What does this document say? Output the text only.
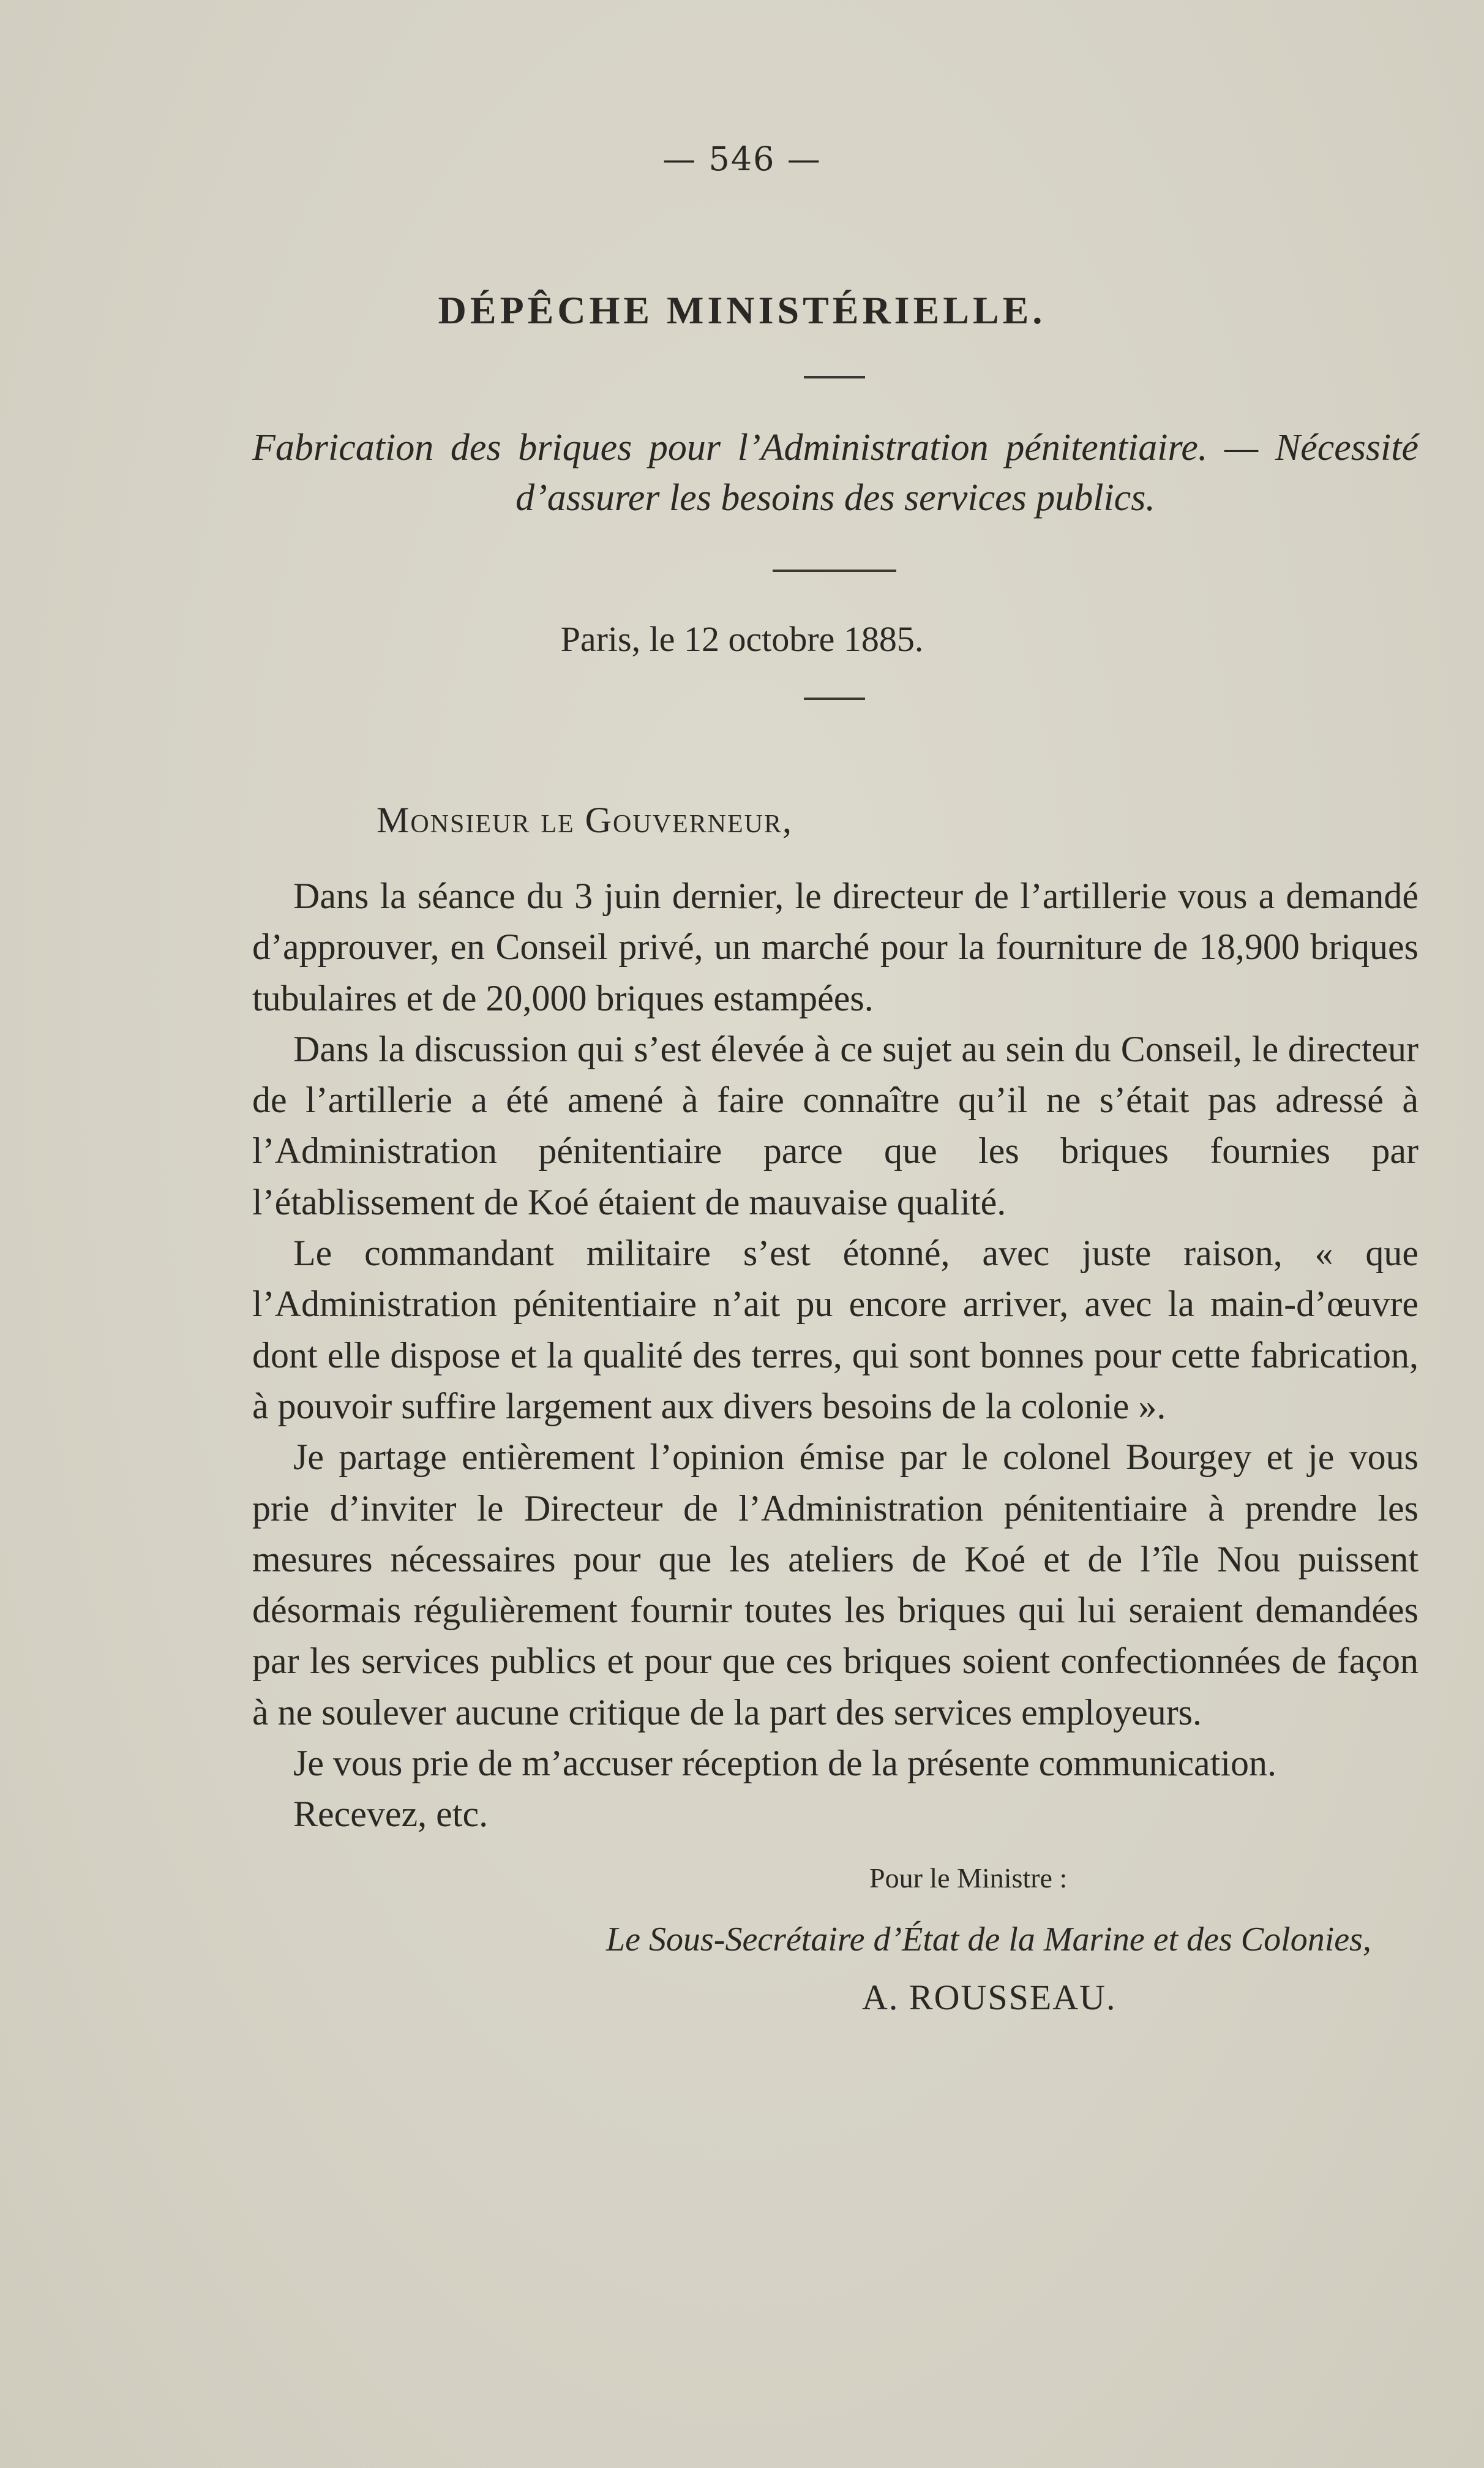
— 546 —
DÉPÊCHE MINISTÉRIELLE.
Fabrication des briques pour l’Administration pénitentiaire. — Nécessité d’assurer les besoins des services publics.
Paris, le 12 octobre 1885.
Monsieur le Gouverneur,

Dans la séance du 3 juin dernier, le directeur de l’artillerie vous a demandé d’approuver, en Conseil privé, un marché pour la fourniture de 18,900 briques tubulaires et de 20,000 briques estampées.

Dans la discussion qui s’est élevée à ce sujet au sein du Conseil, le directeur de l’artillerie a été amené à faire connaître qu’il ne s’était pas adressé à l’Administration pénitentiaire parce que les briques fournies par l’établissement de Koé étaient de mauvaise qualité.

Le commandant militaire s’est étonné, avec juste raison, « que l’Administration pénitentiaire n’ait pu encore arriver, avec la main-d’œuvre dont elle dispose et la qualité des terres, qui sont bonnes pour cette fabrication, à pouvoir suffire largement aux divers besoins de la colonie ».

Je partage entièrement l’opinion émise par le colonel Bourgey et je vous prie d’inviter le Directeur de l’Administration pénitentiaire à prendre les mesures nécessaires pour que les ateliers de Koé et de l’île Nou puissent désormais régulièrement fournir toutes les briques qui lui seraient demandées par les services publics et pour que ces briques soient confectionnées de façon à ne soulever aucune critique de la part des services employeurs.

Je vous prie de m’accuser réception de la présente communication.

Recevez, etc.

Pour le Ministre :
Le Sous-Secrétaire d’État de la Marine et des Colonies,
A. ROUSSEAU.
